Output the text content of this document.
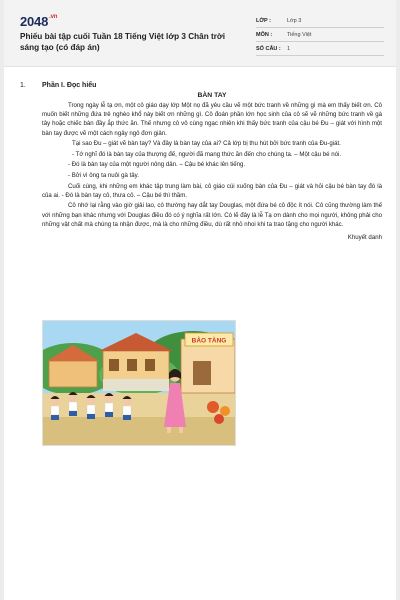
$2048^{.vn}$
Phiếu bài tập cuối Tuần 18 Tiếng Việt lớp 3 Chân trời sáng tạo (có đáp án)
LỚP :	Lớp 3
MÔN :	Tiếng Việt
SỐ CÂU :	1
1. Phần I. Đọc hiểu
BÀN TAY

Trong ngày lễ tạ ơn, một cô giáo dạy lớp Một nọ đã yêu cầu vẽ một bức tranh về những gì mà em thấy biết ơn. Cô muốn biết những đứa trẻ nghèo khổ này biết ơn những gì. Cô đoán phần lớn học sinh của cô sẽ vẽ những bức tranh về gà tây hoặc chiếc bàn đầy ắp thức ăn. Thế nhưng cô vô cùng ngạc nhiên khi thấy bức tranh của cậu bé Đu – giát với hình một bàn tay được vẽ một cách ngây ngô đơn giản.

Tại sao Đu – giát vẽ bàn tay? Và đây là bàn tay của ai? Cả lớp bị thu hút bởi bức tranh của Đu-giát.

- Tớ nghĩ đó là bàn tay của thượng đế, người đã mang thức ăn đến cho chúng ta. – Một cậu bé nói.

- Đó là bàn tay của một người nông dân. – Cậu bé khác lên tiếng.

- Bởi vì ông ta nuôi gà tây.

Cuối cùng, khi những em khác tập trung làm bài, cô giáo cúi xuống bàn của Đu – giát và hỏi cậu bé bàn tay đó là của ai. - Đó là bàn tay cô, thưa cô. – Cậu bé thì thầm.

Cô nhớ lại rằng vào giờ giải lao, cô thường hay dắt tay Douglas, một đứa bé cô độc ít nói. Cô cũng thường làm thế với những bạn khác nhưng với Douglas điều đó có ý nghĩa rất lớn. Có lẽ đây là lễ Tạ ơn dành cho mọi người, không phải cho những vật chất mà chúng ta nhận được, mà là cho những điều, dù rất nhỏ nhoi khi ta trao tặng cho người khác.

Khuyết danh

BẢO TÀNG
